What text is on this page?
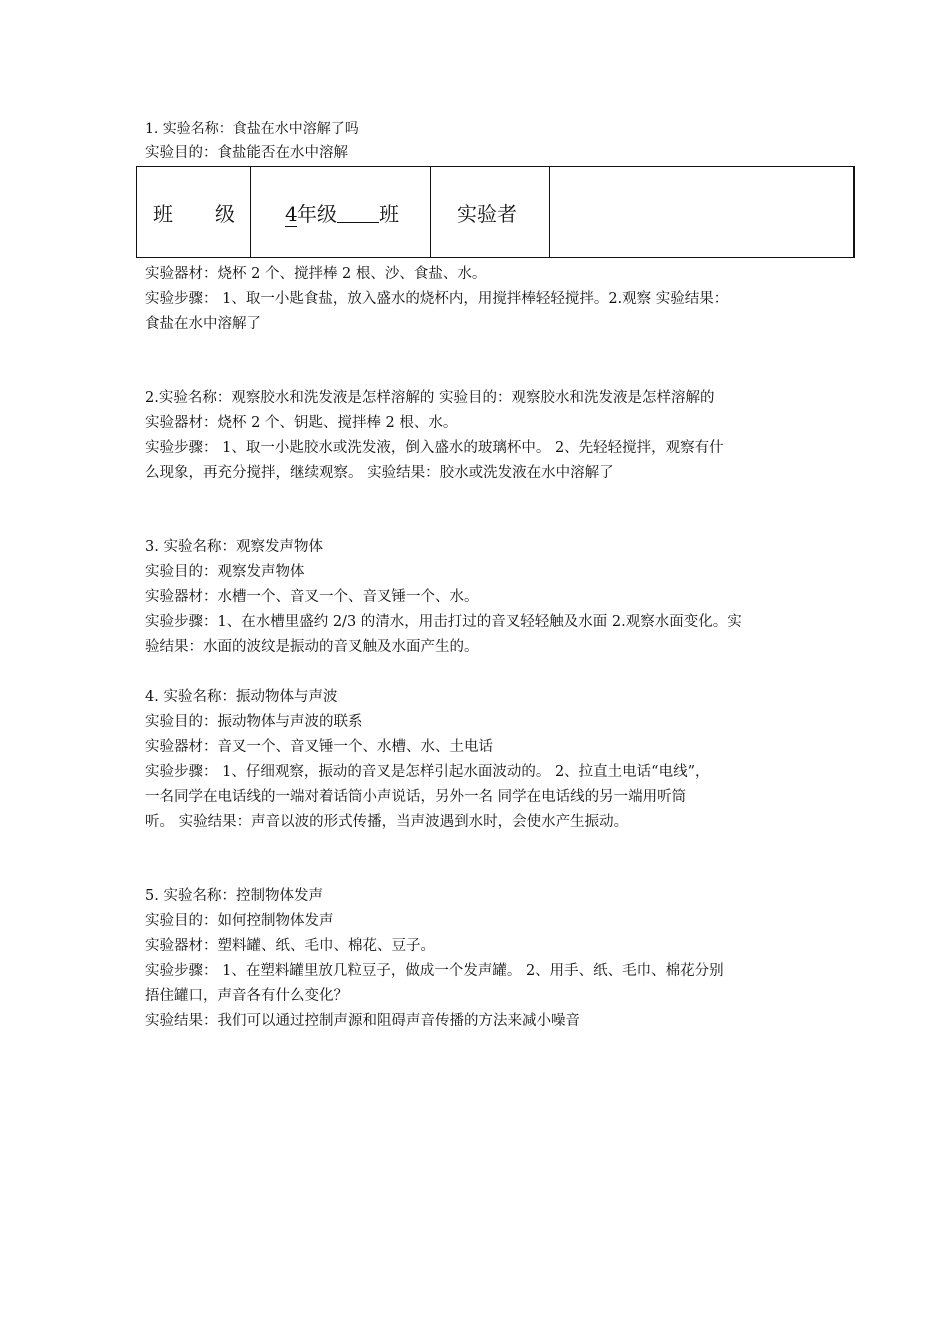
1. 实验名称：食盐在水中溶解了吗
实验目的：食盐能否在水中溶解
班 级	4年级 班	实验者	
实验器材：烧杯 2 个、搅拌棒 2 根、沙、食盐、水。
实验步骤： 1、取一小匙食盐，放入盛水的烧杯内，用搅拌棒轻轻搅拌。2.观察 实验结果：
食盐在水中溶解了
2.实验名称：观察胶水和洗发液是怎样溶解的 实验目的：观察胶水和洗发液是怎样溶解的
实验器材：烧杯 2 个、钥匙、搅拌棒 2 根、水。
实验步骤： 1、取一小匙胶水或洗发液，倒入盛水的玻璃杯中。 2、先轻轻搅拌，观察有什
么现象，再充分搅拌，继续观察。 实验结果：胶水或洗发液在水中溶解了
3. 实验名称：观察发声物体
实验目的：观察发声物体
实验器材：水槽一个、音叉一个、音叉锤一个、水。
实验步骤：1、在水槽里盛约 2/3 的清水，用击打过的音叉轻轻触及水面 2.观察水面变化。实
验结果：水面的波纹是振动的音叉触及水面产生的。
4. 实验名称：振动物体与声波
实验目的：振动物体与声波的联系
实验器材：音叉一个、音叉锤一个、水槽、水、土电话
实验步骤： 1、仔细观察，振动的音叉是怎样引起水面波动的。 2、拉直土电话“电线”，
一名同学在电话线的一端对着话筒小声说话，另外一名 同学在电话线的另一端用听筒
听。 实验结果：声音以波的形式传播，当声波遇到水时，会使水产生振动。
5. 实验名称：控制物体发声
实验目的：如何控制物体发声
实验器材：塑料罐、纸、毛巾、棉花、豆子。
实验步骤： 1、在塑料罐里放几粒豆子，做成一个发声罐。 2、用手、纸、毛巾、棉花分别
捂住罐口，声音各有什么变化？
实验结果：我们可以通过控制声源和阻碍声音传播的方法来减小噪音
